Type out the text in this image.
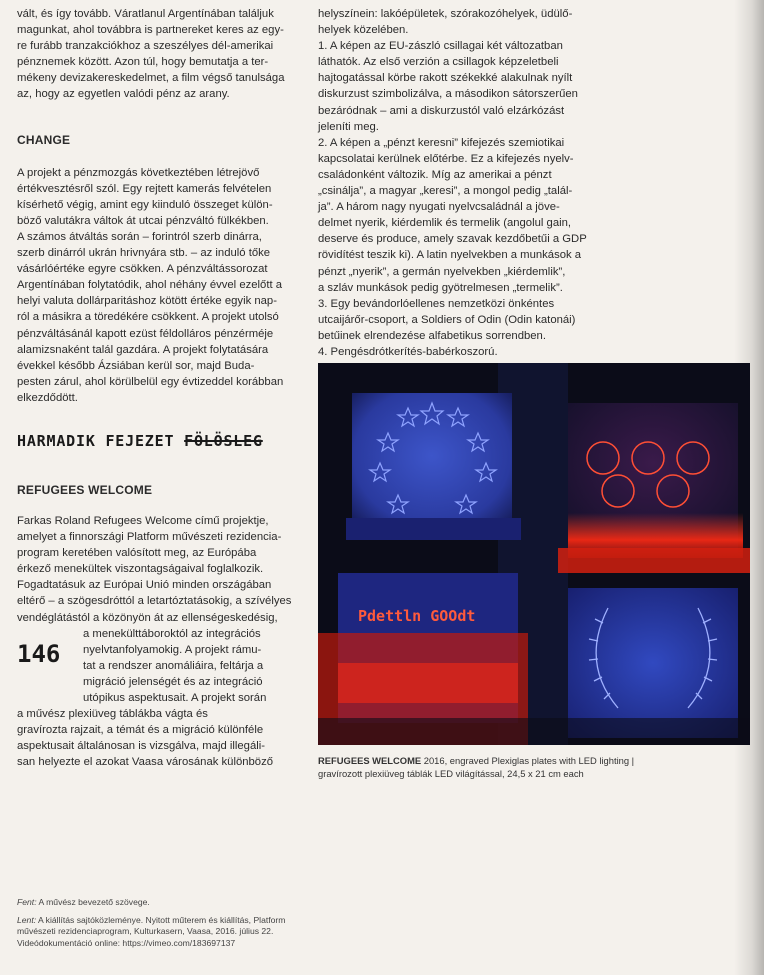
vált, és így tovább. Váratlanul Argentínában találjuk
magunkat, ahol továbbra is partnereket keres az egy-
re furább tranzakciókhoz a szeszélyes dél-amerikai
pénznemek között. Azon túl, hogy bemutatja a ter-
mékeny devizakereskedelmet, a film végső tanulsága
az, hogy az egyetlen valódi pénz az arany.

CHANGE

A projekt a pénzmozgás következtében létrejövő
értékvesztésről szól. Egy rejtett kamerás felvételen
kísérhető végig, amint egy kiinduló összeget külön-
böző valutákra váltok át utcai pénzváltó fülkékben.
A számos átváltás során – forintról szerb dinárra,
szerb dinárról ukrán hrivnyára stb. – az induló tőke
vásárlóértéke egyre csökken. A pénzváltássorozat
Argentínában folytatódik, ahol néhány évvel ezelőtt a
helyi valuta dollárparitáshoz kötött értéke egyik nap-
ról a másikra a töredékére csökkent. A projekt utolsó
pénzváltásánál kapott ezüst féldolláros pénzérméje
alamizsnaként talál gazdára. A projekt folytatására
évekkel később Ázsiában kerül sor, majd Buda-
pesten zárul, ahol körülbelül egy évtizeddel korábban
elkezdődött.

HARMADIK FEJEZET FÖLÖSLEG
REFUGEES WELCOME

Farkas Roland Refugees Welcome című projektje,
amelyet a finnországi Platform művészeti rezidencia-
program keretében valósított meg, az Európába
érkező menekültek viszontagságaival foglalkozik.
Fogadtatásuk az Európai Unió minden országában
eltérő – a szögesdróttól a letartóztatásokig, a szívélyes
vendéglátástól a közönyön át az ellenségeskedésig,

a menekülttáboroktól az integrációs
nyelvtanfolyamokig. A projekt rámu-
tat a rendszer anomáliáira, feltárja a
migráció jelenségét és az integráció
utópikus aspektusait. A projekt során

a művész plexiüveg táblákba vágta és
gravírozta rajzait, a témát és a migráció különféle
aspektusait általánosan is vizsgálva, majd illegáli-
san helyezte el azokat Vaasa városának különböző

146

helyszínein: lakóépületek, szórakozóhelyek, üdülő-
helyek közelében.
1. A képen az EU-zászló csillagai két változatban
láthatók. Az első verzión a csillagok képzeletbeli
hajtogatással körbe rakott székekké alakulnak nyílt
diskurzust szimbolizálva, a másodikon sátorszerűen
bezáródnak – ami a diskurzustól való elzárkózást
jeleníti meg.
2. A képen a „pénzt keresni” kifejezés szemiotikai
kapcsolatai kerülnek előtérbe. Ez a kifejezés nyelv-
családonként változik. Míg az amerikai a pénzt
„csinálja”, a magyar „keresi”, a mongol pedig „talál-
ja”. A három nagy nyugati nyelvcsaládnál a jöve-
delmet nyerik, kiérdemlik és termelik (angolul gain,
deserve és produce, amely szavak kezdőbetűi a GDP
rövidítést teszik ki). A latin nyelvekben a munkások a
pénzt „nyerik”, a germán nyelvekben „kiérdemlik”,
a szláv munkások pedig gyötrelmesen „termelik”.
3. Egy bevándorlóellenes nemzetközi önkéntes
utcaijárőr-csoport, a Soldiers of Odin (Odin katonái)
betűinek elrendezése alfabetikus sorrendben.
4. Pengésdrótkerítés-babérkoszorú.

Pdettln GOOdt
REFUGEES WELCOME 2016, engraved Plexiglas plates with LED lighting | gravírozott plexiüveg táblák LED világítással, 24,5 x 21 cm each

Fent: A művész bevezető szövege.

Lent: A kiállítás sajtóközleménye. Nyitott műterem és kiállítás, Platform művészeti rezidenciaprogram, Kulturkasern, Vaasa, 2016. július 22. Videódokumentáció online: https://vimeo.com/183697137
